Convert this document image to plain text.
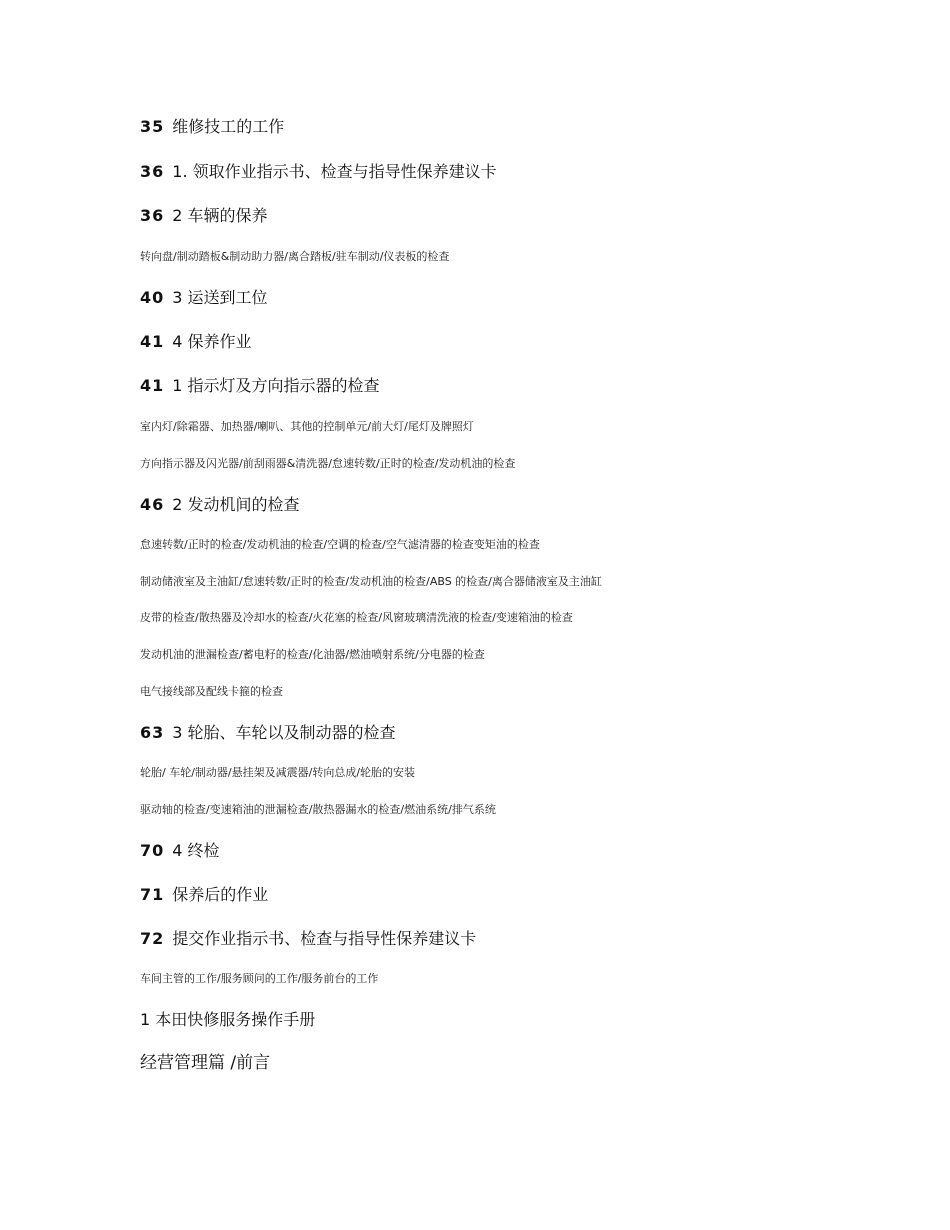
35 维修技工的工作
36 1. 领取作业指示书、检查与指导性保养建议卡
36 2 车辆的保养
转向盘/制动踏板&制动助力器/离合踏板/驻车制动/仪表板的检查
40 3 运送到工位
41 4 保养作业
41 1 指示灯及方向指示器的检查
室内灯/除霜器、加热器/喇叭、其他的控制单元/前大灯/尾灯及牌照灯
方向指示器及闪光器/前刮雨器&清洗器/怠速转数/正时的检查/发动机油的检查
46 2 发动机间的检查
怠速转数/正时的检查/发动机油的检查/空调的检查/空气滤清器的检查变矩油的检查
制动储液室及主油缸/怠速转数/正时的检查/发动机油的检查/ABS 的检查/离合器储液室及主油缸
皮带的检查/散热器及冷却水的检查/火花塞的检查/风窗玻璃清洗液的检查/变速箱油的检查
发动机油的泄漏检查/蓄电籽的检查/化油器/燃油喷射系统/分电器的检查
电气接线部及配线卡箍的检查
63 3 轮胎、车轮以及制动器的检查
轮胎/ 车轮/制动器/悬挂架及减震器/转向总成/轮胎的安装
驱动轴的检查/变速箱油的泄漏检查/散热器漏水的检查/燃油系统/排气系统
70 4 终检
71 保养后的作业
72 提交作业指示书、检查与指导性保养建议卡
车间主管的工作/服务顾问的工作/服务前台的工作
1 本田快修服务操作手册
经营管理篇 /前言
